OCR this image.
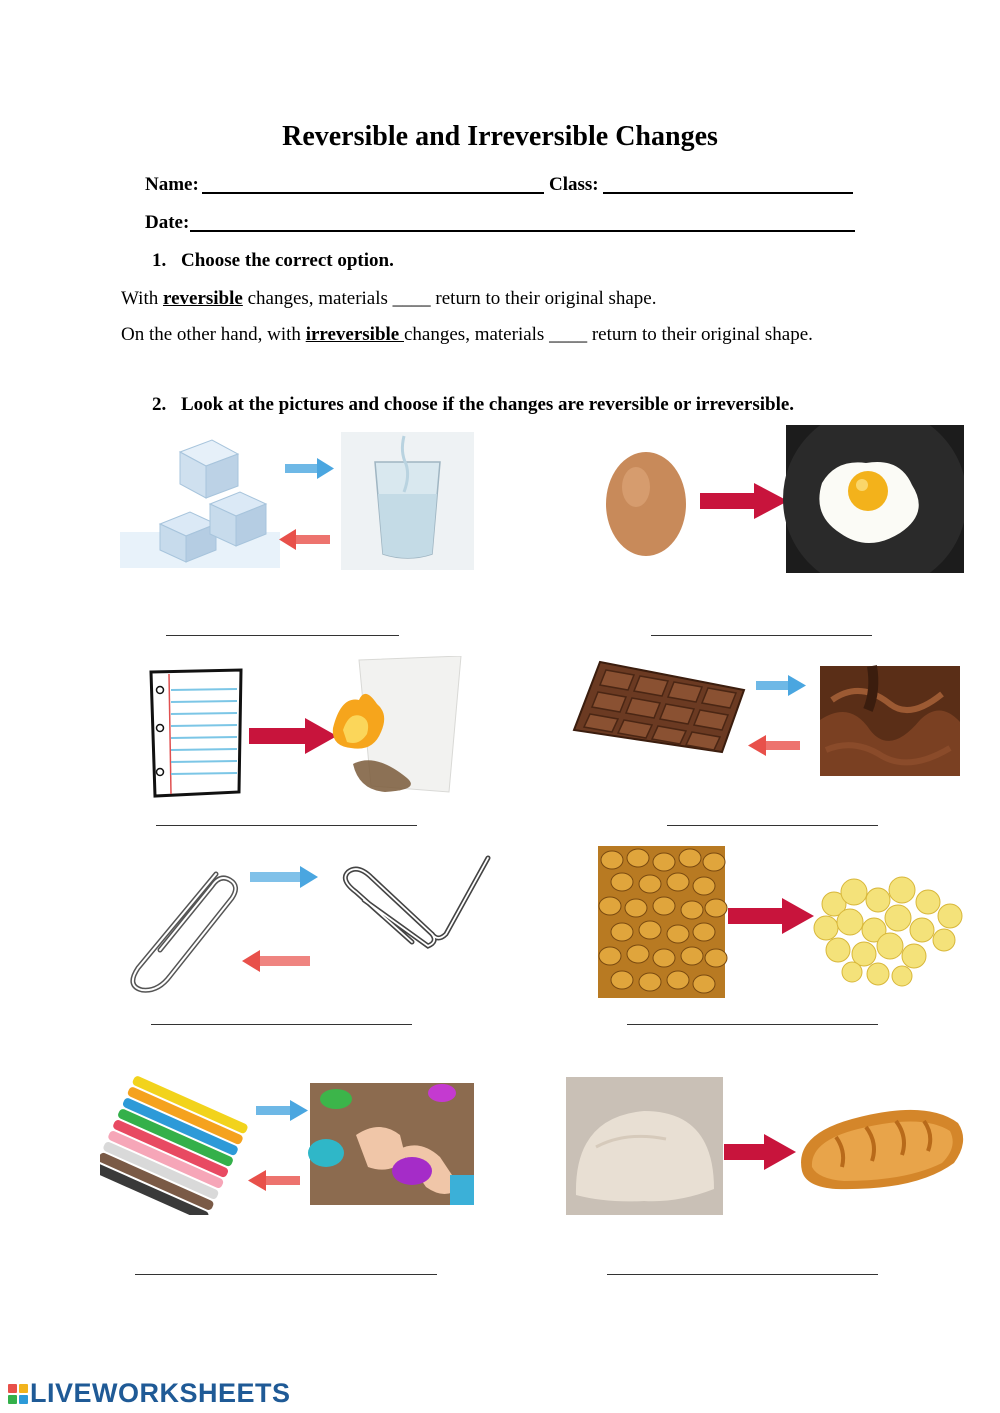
Reversible and Irreversible Changes
Name:	Class:
Date:
1. Choose the correct option.
With reversible changes, materials ____ return to their original shape.
On the other hand, with irreversible changes, materials ____ return to their original shape.
2. Look at the pictures and choose if the changes are reversible or irreversible.
LIVEWORKSHEETS
